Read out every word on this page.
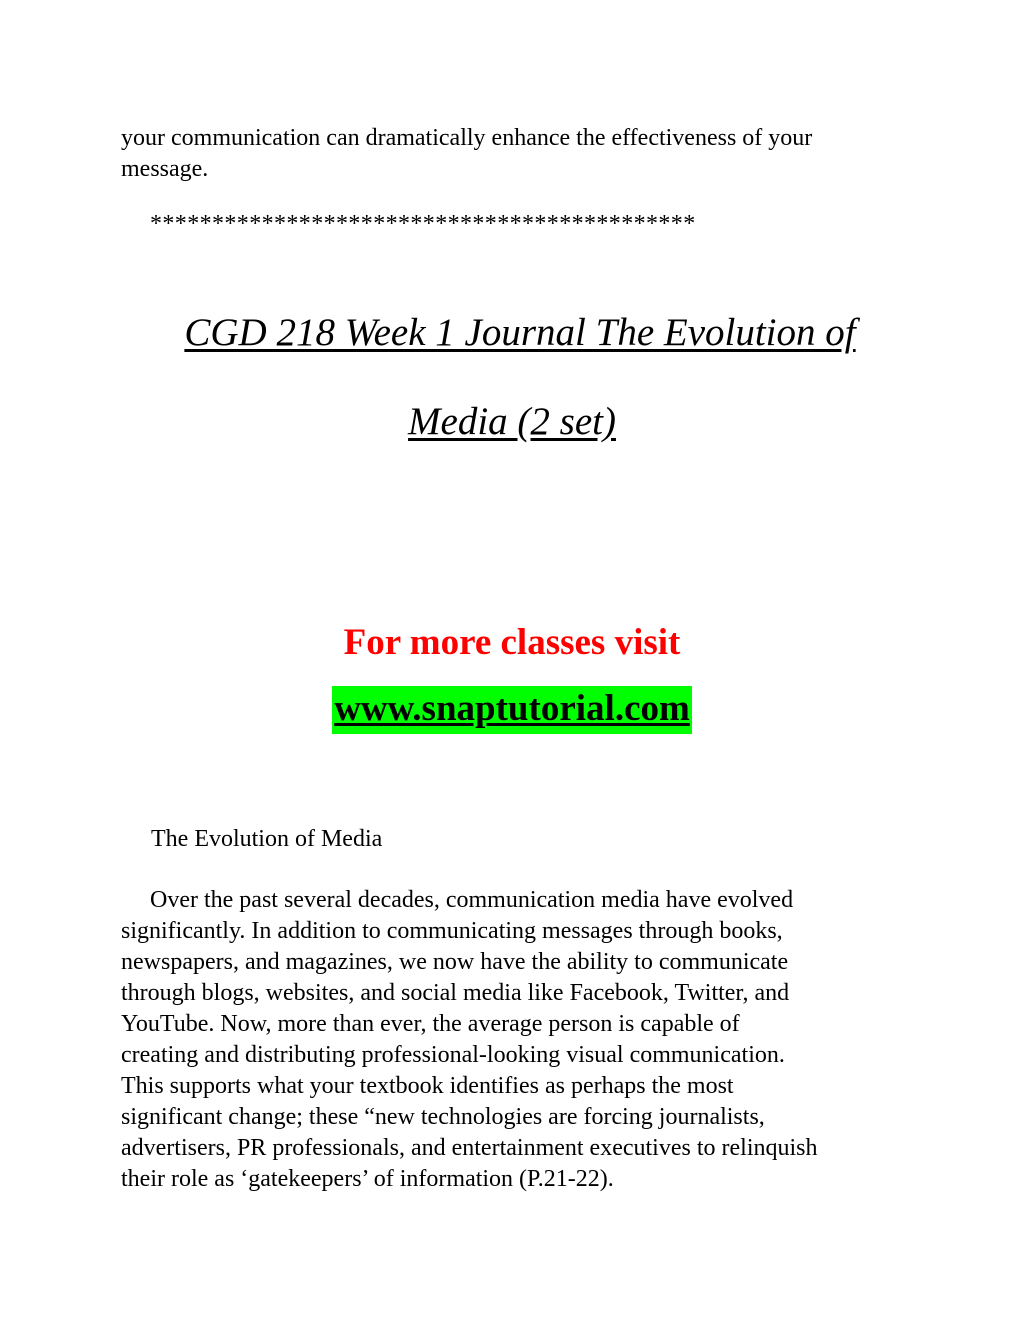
your communication can dramatically enhance the effectiveness of your
message.
********************************************
CGD 218 Week 1 Journal The Evolution of
Media (2 set)
For more classes visit
www.snaptutorial.com
The Evolution of Media
Over the past several decades, communication media have evolved
significantly. In addition to communicating messages through books,
newspapers, and magazines, we now have the ability to communicate
through blogs, websites, and social media like Facebook, Twitter, and
YouTube. Now, more than ever, the average person is capable of
creating and distributing professional-looking visual communication.
This supports what your textbook identifies as perhaps the most
significant change; these “new technologies are forcing journalists,
advertisers, PR professionals, and entertainment executives to relinquish
their role as ‘gatekeepers’ of information (P.21-22).
